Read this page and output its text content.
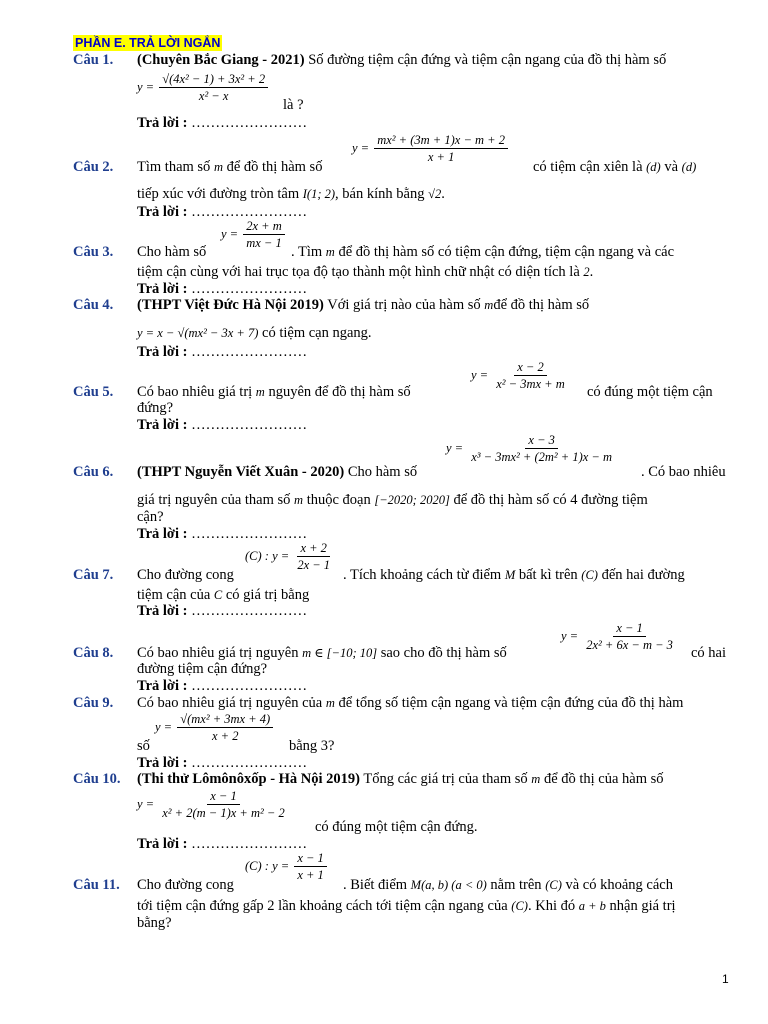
PHẦN E. TRẢ LỜI NGẮN
Câu 1. (Chuyên Bắc Giang - 2021) Số đường tiệm cận đứng và tiệm cận ngang của đồ thị hàm số
$y = \frac{\text{√(4x² − 1) + 3x² + 2}}{\text{x² − x}}$
là ?
Trả lời : ……………………
Câu 2. Tìm tham số m để đồ thị hàm số
$y = \frac{\text{mx² + (3m + 1)x − m + 2}}{x + 1}$
có tiệm cận xiên là (d) và (d)
tiếp xúc với đường tròn tâm I(1; 2), bán kính bằng √2.
Trả lời : ……………………
Câu 3. Cho hàm số
$y = \frac{2x + m}{mx - 1}$
. Tìm m để đồ thị hàm số có tiệm cận đứng, tiệm cận ngang và các
tiệm cận cùng với hai trục tọa độ tạo thành một hình chữ nhật có diện tích là 2.
Trả lời : ……………………
Câu 4. (THPT Việt Đức Hà Nội 2019) Với giá trị nào của hàm số mđể đồ thị hàm số
y = x − √(mx² − 3x + 7) có tiệm cạn ngang.
Trả lời : ……………………
Câu 5. Có bao nhiêu giá trị m nguyên để đồ thị hàm số
$y = \frac{x - 2}{\text{x² − 3mx + m}}$
có đúng một tiệm cận
đứng?
Trả lời : ……………………
Câu 6. (THPT Nguyễn Viết Xuân - 2020) Cho hàm số
$y = \frac{x - 3}{\text{x³ − 3mx² + (2m² + 1)x − m}}$
. Có bao nhiêu
giá trị nguyên của tham số m thuộc đoạn [−2020; 2020] để đồ thị hàm số có 4 đường tiệm
cận?
Trả lời : ……………………
Câu 7. Cho đường cong
(C) : $y = \frac{x + 2}{2x - 1}$
. Tích khoảng cách từ điểm M bất kì trên (C) đến hai đường
tiệm cận của C có giá trị bằng
Trả lời : ……………………
Câu 8. Có bao nhiêu giá trị nguyên m ∈ [−10; 10] sao cho đồ thị hàm số
$y = \frac{x - 1}{\text{2x² + 6x − m − 3}}$
có hai
đường tiệm cận đứng?
Trả lời : ……………………
Câu 9. Có bao nhiêu giá trị nguyên của m để tổng số tiệm cận ngang và tiệm cận đứng của đồ thị hàm
số
$y = \frac{\text{√(mx² + 3mx + 4)}}{x + 2}$
bằng 3?
Trả lời : ……………………
Câu 10. (Thi thử Lômônôxốp - Hà Nội 2019) Tổng các giá trị của tham số m để đồ thị của hàm số
$y = \frac{x - 1}{\text{x² + 2(m − 1)x + m² − 2}}$
có đúng một tiệm cận đứng.
Trả lời : ……………………
Câu 11. Cho đường cong
(C) : $y = \frac{x - 1}{x + 1}$
. Biết điểm M(a, b) (a < 0) nằm trên (C) và có khoảng cách
tới tiệm cận đứng gấp 2 lần khoảng cách tới tiệm cận ngang của (C). Khi đó a + b nhận giá trị
bằng?
1
